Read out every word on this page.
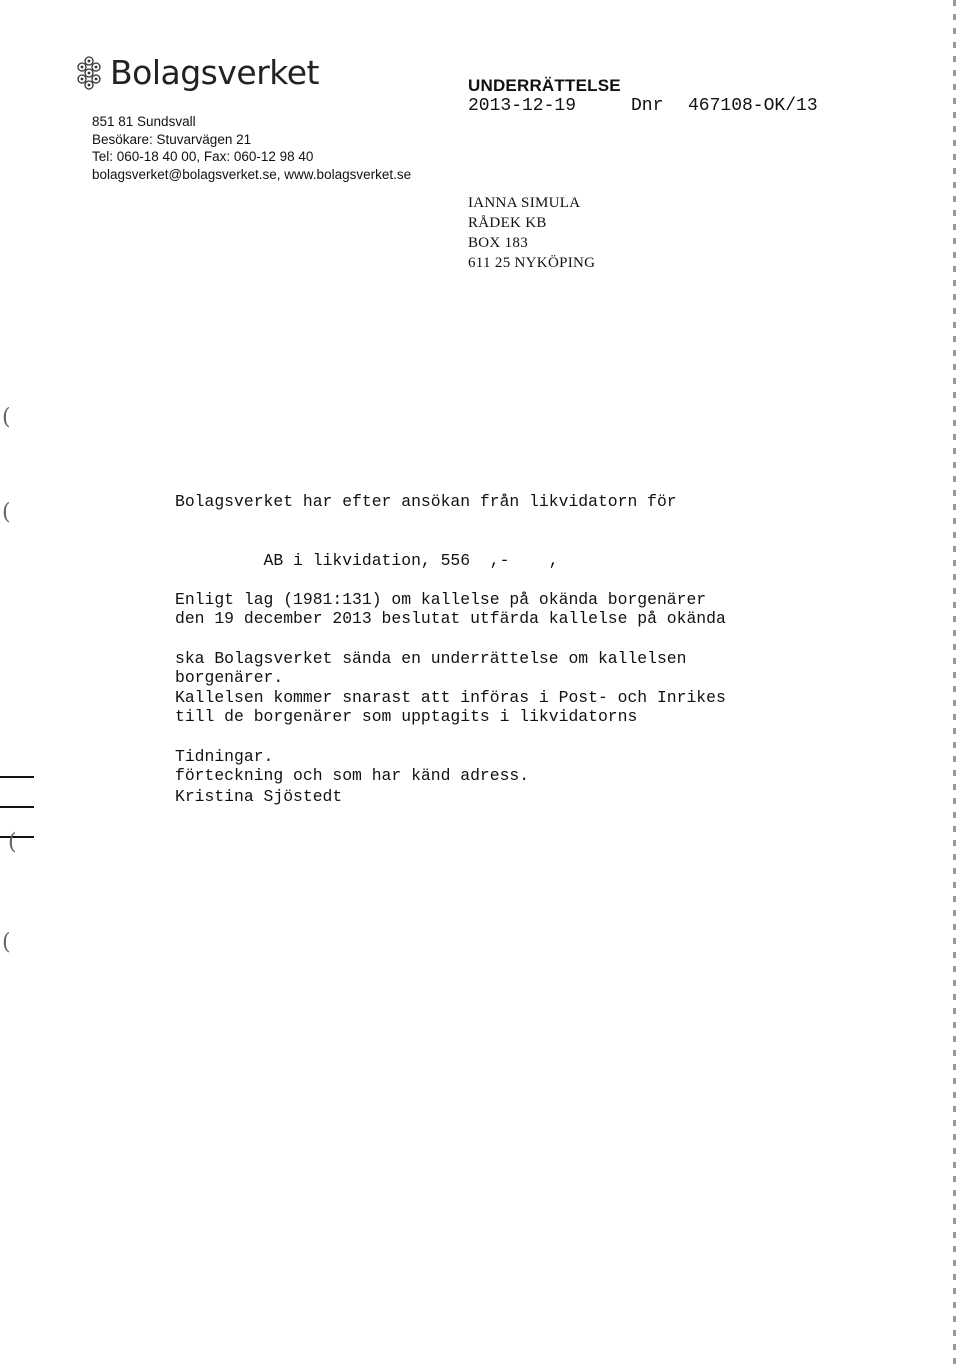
Bolagsverket
851 81 Sundsvall
Besökare: Stuvarvägen 21
Tel: 060-18 40 00, Fax: 060-12 98 40
bolagsverket@bolagsverket.se, www.bolagsverket.se
UNDERRÄTTELSE
2013-12-19	Dnr 467108-OK/13
IANNA SIMULA
RÅDEK KB
BOX 183
611 25 NYKÖPING

Bolagsverket har efter ansökan från likvidatorn för

AB i likvidation, 556  ,-    ,

den 19 december 2013 beslutat utfärda kallelse på okända

borgenärer.

Enligt lag (1981:131) om kallelse på okända borgenärer

ska Bolagsverket sända en underrättelse om kallelsen

till de borgenärer som upptagits i likvidatorns

förteckning och som har känd adress.

Kallelsen kommer snarast att införas i Post- och Inrikes

Tidningar.

Kristina Sjöstedt
(
(
(
(
